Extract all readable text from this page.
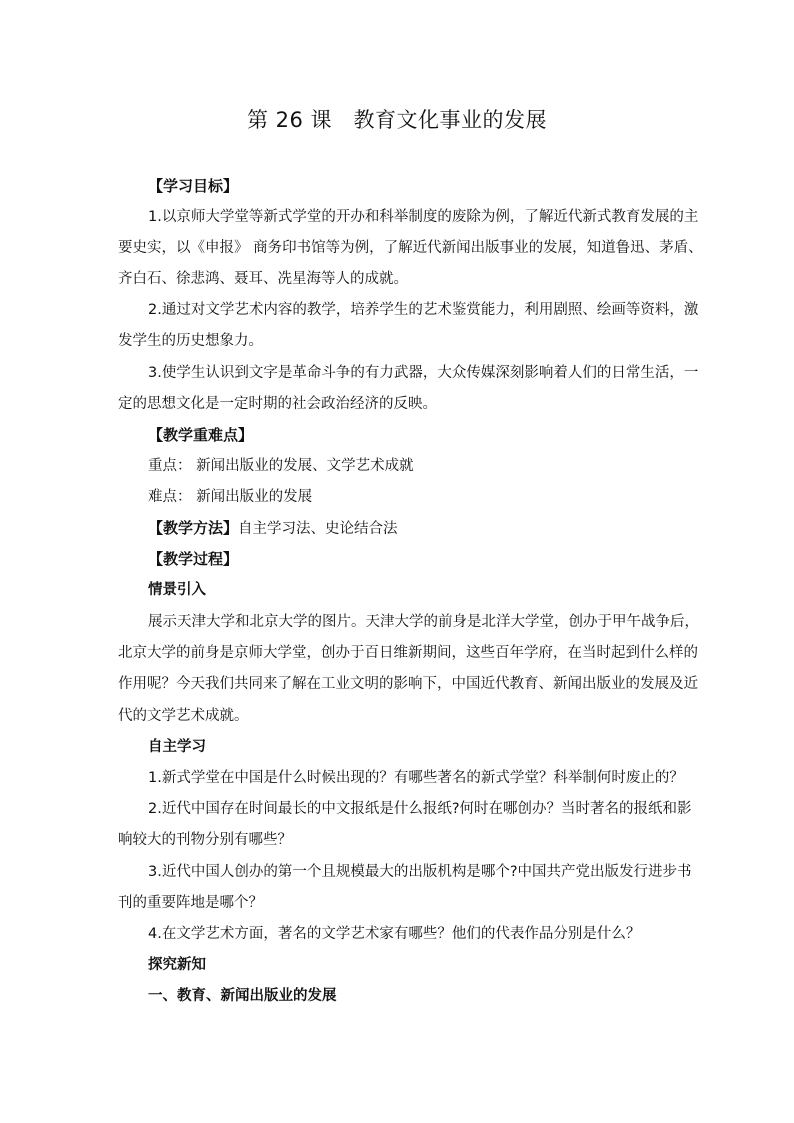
第 26 课　教育文化事业的发展
【学习目标】
1.以京师大学堂等新式学堂的开办和科举制度的废除为例，了解近代新式教育发展的主
要史实，以《申报》 商务印书馆等为例，了解近代新闻出版事业的发展，知道鲁迅、茅盾、
齐白石、徐悲鸿、聂耳、冼星海等人的成就。
2.通过对文学艺术内容的教学，培养学生的艺术鉴赏能力，利用剧照、绘画等资料，激
发学生的历史想象力。
3.使学生认识到文字是革命斗争的有力武器，大众传媒深刻影响着人们的日常生活，一
定的思想文化是一定时期的社会政治经济的反映。
【教学重难点】
重点： 新闻出版业的发展、文学艺术成就
难点： 新闻出版业的发展
【教学方法】自主学习法、史论结合法
【教学过程】
情景引入
展示天津大学和北京大学的图片。天津大学的前身是北洋大学堂，创办于甲午战争后，
北京大学的前身是京师大学堂，创办于百日维新期间，这些百年学府，在当时起到什么样的
作用呢？今天我们共同来了解在工业文明的影响下，中国近代教育、新闻出版业的发展及近
代的文学艺术成就。
自主学习
1.新式学堂在中国是什么时候出现的？有哪些著名的新式学堂？科举制何时废止的？
2.近代中国存在时间最长的中文报纸是什么报纸?何时在哪创办？当时著名的报纸和影
响较大的刊物分别有哪些？
3.近代中国人创办的第一个且规模最大的出版机构是哪个?中国共产党出版发行进步书
刊的重要阵地是哪个？
4.在文学艺术方面，著名的文学艺术家有哪些？他们的代表作品分别是什么？
探究新知
一、教育、新闻出版业的发展
